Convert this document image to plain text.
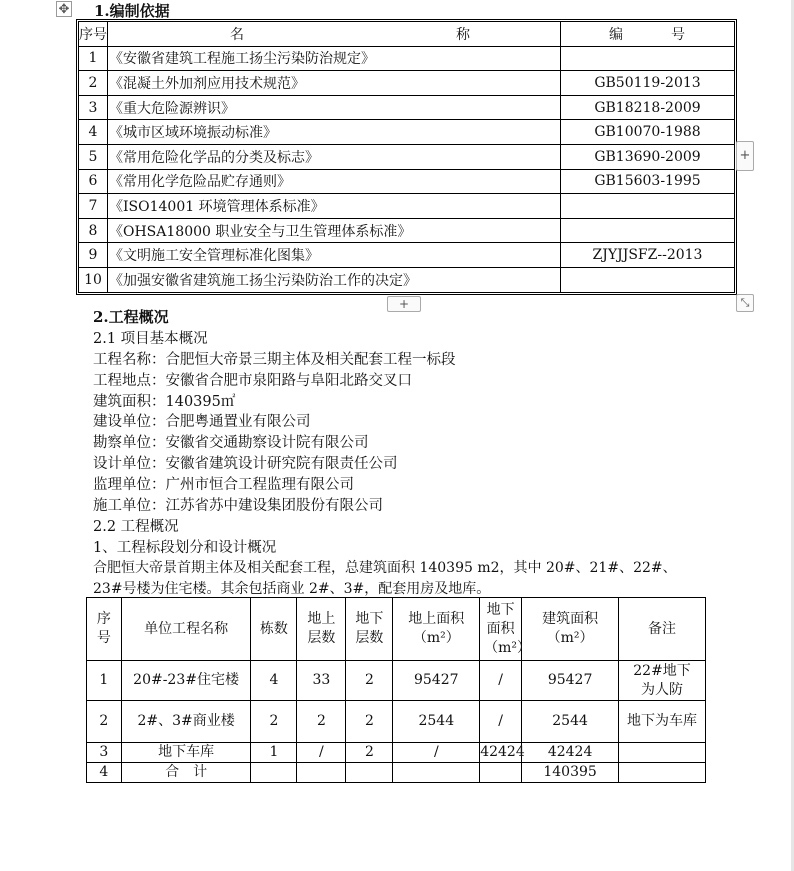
✥ 1.编制依据
序号	名 称	编 号

1	《安徽省建筑工程施工扬尘污染防治规定》	
2	《混凝土外加剂应用技术规范》	GB50119-2013
3	《重大危险源辨识》	GB18218-2009
4	《城市区域环境振动标准》	GB10070-1988
5	《常用危险化学品的分类及标志》	GB13690-2009
6	《常用化学危险品贮存通则》	GB15603-1995
7	《ISO14001 环境管理体系标准》	
8	《OHSA18000 职业安全与卫生管理体系标准》	
9	《文明施工安全管理标准化图集》	ZJYJJSFZ--2013
10	《加强安徽省建筑施工扬尘污染防治工作的决定》	
+
+	⤡
2.工程概况
2.1 项目基本概况
工程名称：合肥恒大帝景三期主体及相关配套工程一标段
工程地点：安徽省合肥市泉阳路与阜阳北路交叉口
建筑面积：140395㎡
建设单位：合肥粤通置业有限公司
勘察单位：安徽省交通勘察设计院有限公司
设计单位：安徽省建筑设计研究院有限责任公司
监理单位：广州市恒合工程监理有限公司
施工单位：江苏省苏中建设集团股份有限公司
2.2 工程概况
1、工程标段划分和设计概况
合肥恒大帝景首期主体及相关配套工程，总建筑面积 140395 m2，其中 20#、21#、22#、
23#号楼为住宅楼。其余包括商业 2#、3#，配套用房及地库。
序号	单位工程名称	栋数	地上层数	地下层数	地上面积（m²）	地下面积（m²）	建筑面积（m²）	备注
1	20#-23#住宅楼	4	33	2	95427	/	95427	22#地下为人防

2	2#、3#商业楼	2	2	2	2544	/	2544	地下为车库

3	地下车库	1	/	2	/	42424	42424	
4	合　计						140395	
